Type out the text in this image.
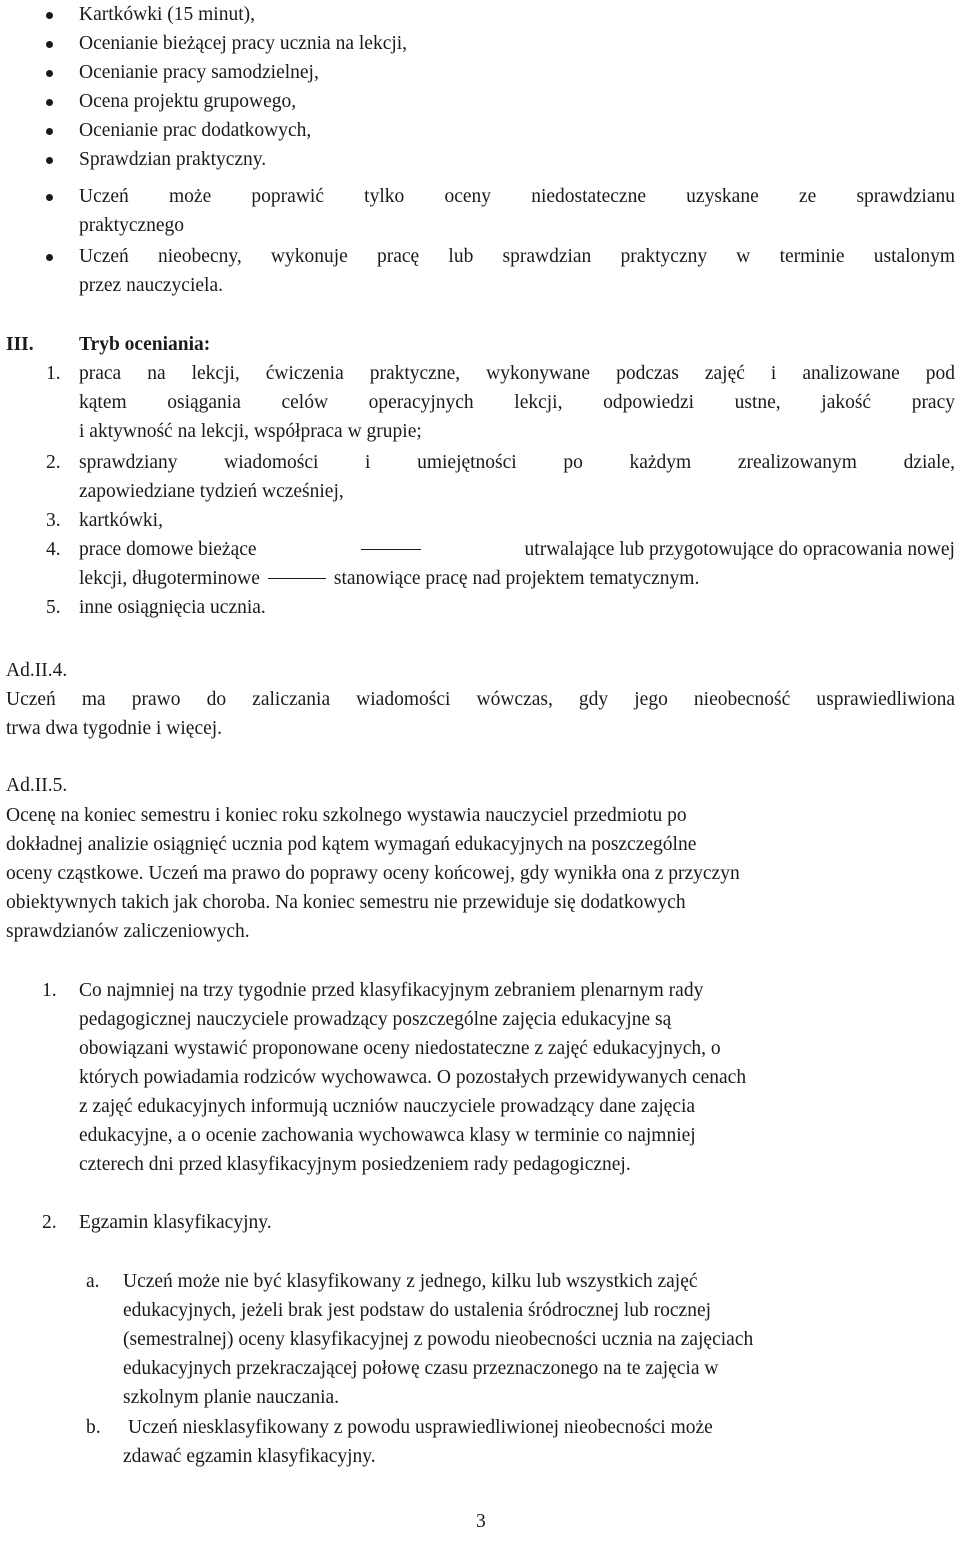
Kartkówki (15 minut),
Ocenianie bieżącej pracy ucznia na lekcji,
Ocenianie pracy samodzielnej,
Ocena projektu grupowego,
Ocenianie prac dodatkowych,
Sprawdzian praktyczny.
Uczeń może poprawić tylko oceny niedostateczne uzyskane ze sprawdzianu
praktycznego
Uczeń nieobecny, wykonuje pracę lub sprawdzian praktyczny w terminie ustalonym
przez nauczyciela.
III. Tryb oceniania:
1. praca na lekcji, ćwiczenia praktyczne, wykonywane podczas zajęć i analizowane pod
kątem osiągania celów operacyjnych lekcji, odpowiedzi ustne, jakość pracy
i aktywność na lekcji, współpraca w grupie;
2. sprawdziany wiadomości i umiejętności po każdym zrealizowanym dziale,
zapowiedziane tydzień wcześniej,
3. kartkówki,
4. prace domowe bieżące	utrwalające lub przygotowujące do opracowania nowej
lekcji, długoterminowe	stanowiące pracę nad projektem tematycznym.
5. inne osiągnięcia ucznia.
Ad.II.4.
Uczeń ma prawo do zaliczania wiadomości wówczas, gdy jego nieobecność usprawiedliwiona
trwa dwa tygodnie i więcej.
Ad.II.5.
Ocenę na koniec semestru i koniec roku szkolnego wystawia nauczyciel przedmiotu po
dokładnej analizie osiągnięć ucznia pod kątem wymagań edukacyjnych na poszczególne
oceny cząstkowe. Uczeń ma prawo do poprawy oceny końcowej, gdy wynikła ona z przyczyn
obiektywnych takich jak choroba. Na koniec semestru nie przewiduje się dodatkowych
sprawdzianów zaliczeniowych.
1. Co najmniej na trzy tygodnie przed klasyfikacyjnym zebraniem plenarnym rady
pedagogicznej nauczyciele prowadzący poszczególne zajęcia edukacyjne są
obowiązani wystawić proponowane oceny niedostateczne z zajęć edukacyjnych, o
których powiadamia rodziców wychowawca. O pozostałych przewidywanych cenach
z zajęć edukacyjnych informują uczniów nauczyciele prowadzący dane zajęcia
edukacyjne, a o ocenie zachowania wychowawca klasy w terminie co najmniej
czterech dni przed klasyfikacyjnym posiedzeniem rady pedagogicznej.
2. Egzamin klasyfikacyjny.
a. Uczeń może nie być klasyfikowany z jednego, kilku lub wszystkich zajęć
edukacyjnych, jeżeli brak jest podstaw do ustalenia śródrocznej lub rocznej
(semestralnej) oceny klasyfikacyjnej z powodu nieobecności ucznia na zajęciach
edukacyjnych przekraczającej połowę czasu przeznaczonego na te zajęcia w
szkolnym planie nauczania.
b. Uczeń niesklasyfikowany z powodu usprawiedliwionej nieobecności może
zdawać egzamin klasyfikacyjny.
3
